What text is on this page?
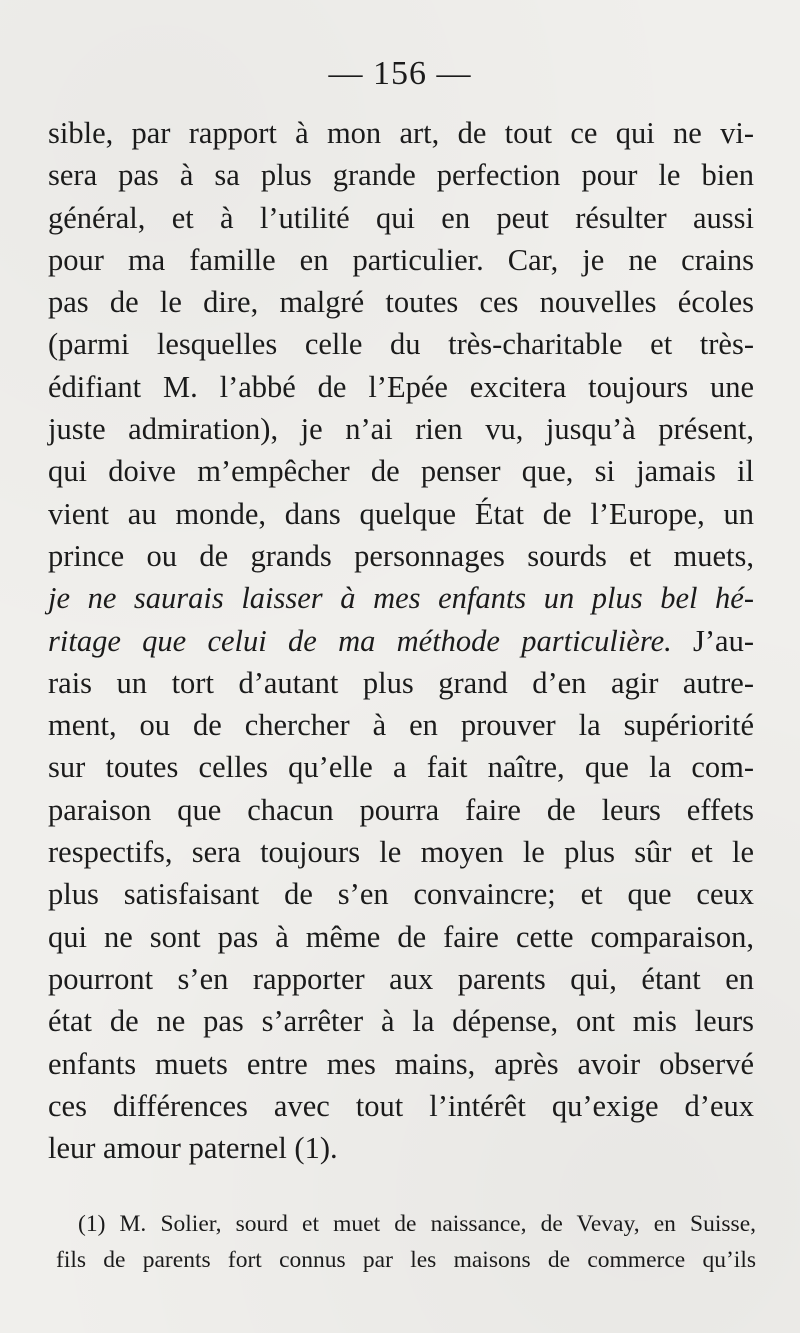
— 156 —
sible, par rapport à mon art, de tout ce qui ne vi-
sera pas à sa plus grande perfection pour le bien
général, et à l’utilité qui en peut résulter aussi
pour ma famille en particulier. Car, je ne crains
pas de le dire, malgré toutes ces nouvelles écoles
(parmi lesquelles celle du très-charitable et très-
édifiant M. l’abbé de l’Epée excitera toujours une
juste admiration), je n’ai rien vu, jusqu’à présent,
qui doive m’empêcher de penser que, si jamais il
vient au monde, dans quelque État de l’Europe, un
prince ou de grands personnages sourds et muets,
je ne saurais laisser à mes enfants un plus bel hé-
ritage que celui de ma méthode particulière. J’au-
rais un tort d’autant plus grand d’en agir autre-
ment, ou de chercher à en prouver la supériorité
sur toutes celles qu’elle a fait naître, que la com-
paraison que chacun pourra faire de leurs effets
respectifs, sera toujours le moyen le plus sûr et le
plus satisfaisant de s’en convaincre; et que ceux
qui ne sont pas à même de faire cette comparaison,
pourront s’en rapporter aux parents qui, étant en
état de ne pas s’arrêter à la dépense, ont mis leurs
enfants muets entre mes mains, après avoir observé
ces différences avec tout l’intérêt qu’exige d’eux
leur amour paternel (1).
(1) M. Solier, sourd et muet de naissance, de Vevay, en Suisse,
fils de parents fort connus par les maisons de commerce qu’ils
